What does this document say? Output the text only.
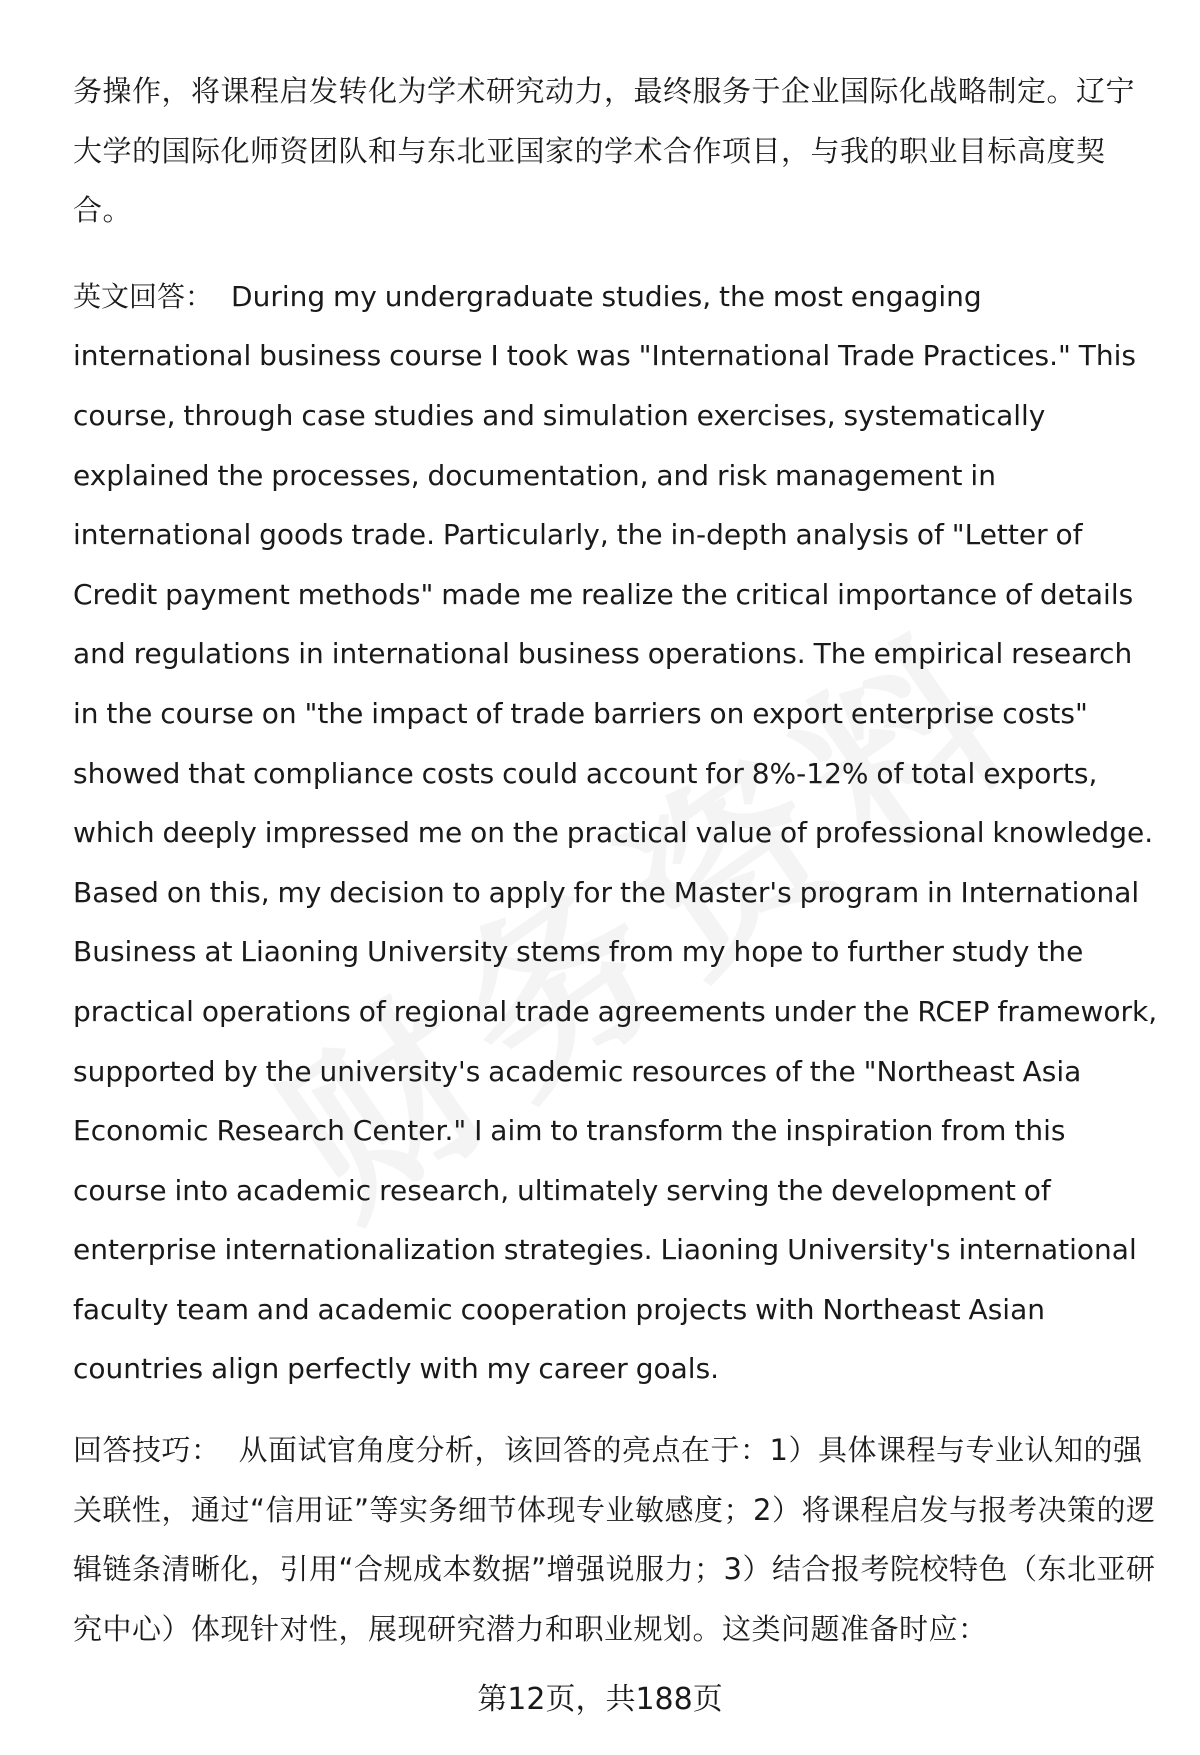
务操作，将课程启发转化为学术研究动力，最终服务于企业国际化战略制定。辽宁大学的国际化师资团队和与东北亚国家的学术合作项目，与我的职业目标高度契合。

英文回答： During my undergraduate studies, the most engaging international business course I took was "International Trade Practices." This course, through case studies and simulation exercises, systematically explained the processes, documentation, and risk management in international goods trade. Particularly, the in-depth analysis of "Letter of Credit payment methods" made me realize the critical importance of details and regulations in international business operations. The empirical research in the course on "the impact of trade barriers on export enterprise costs" showed that compliance costs could account for 8%-12% of total exports, which deeply impressed me on the practical value of professional knowledge. Based on this, my decision to apply for the Master's program in International Business at Liaoning University stems from my hope to further study the practical operations of regional trade agreements under the RCEP framework, supported by the university's academic resources of the "Northeast Asia Economic Research Center." I aim to transform the inspiration from this course into academic research, ultimately serving the development of enterprise internationalization strategies. Liaoning University's international faculty team and academic cooperation projects with Northeast Asian countries align perfectly with my career goals.

回答技巧： 从面试官角度分析，该回答的亮点在于：1）具体课程与专业认知的强关联性，通过“信用证”等实务细节体现专业敏感度；2）将课程启发与报考决策的逻辑链条清晰化，引用“合规成本数据”增强说服力；3）结合报考院校特色（东北亚研究中心）体现针对性，展现研究潜力和职业规划。这类问题准备时应：

第12页，共188页
